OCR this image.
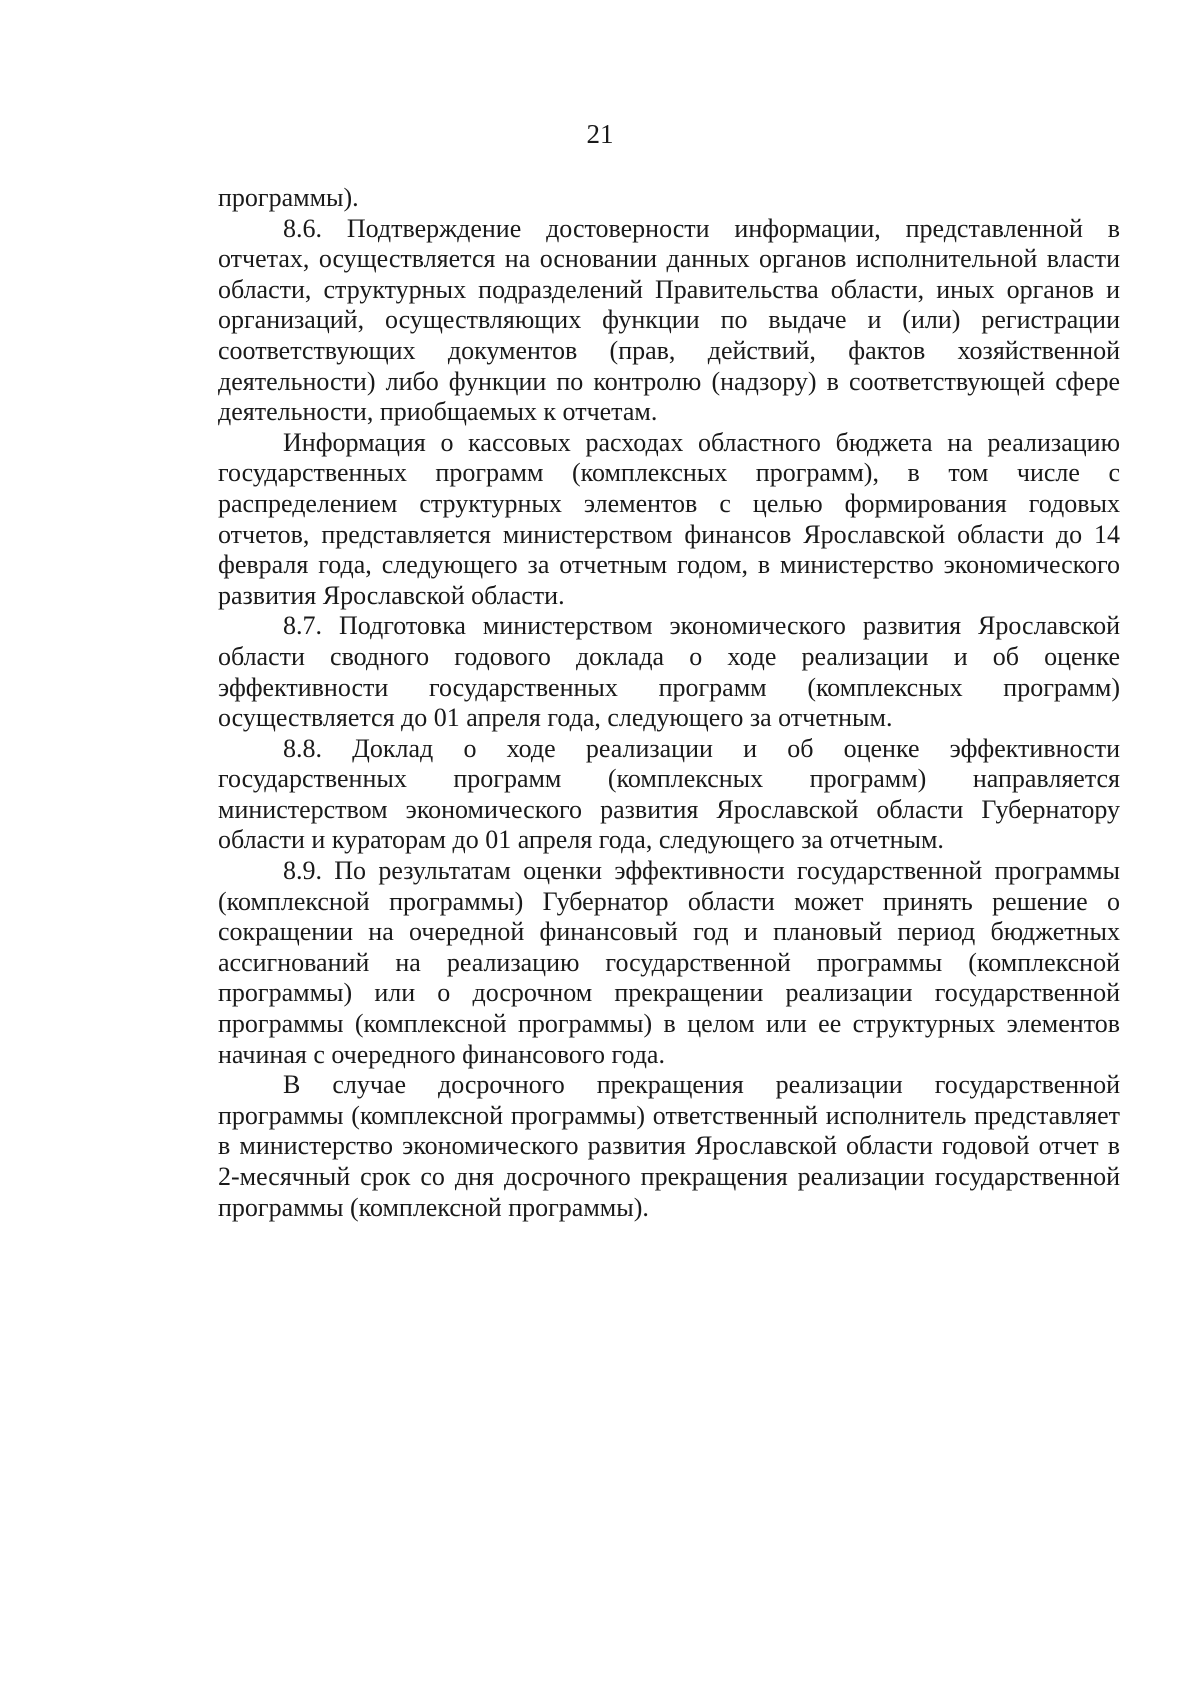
21

программы).

8.6. Подтверждение достоверности информации, представленной в отчетах, осуществляется на основании данных органов исполнительной власти области, структурных подразделений Правительства области, иных органов и организаций, осуществляющих функции по выдаче и (или) регистрации соответствующих документов (прав, действий, фактов хозяйственной деятельности) либо функции по контролю (надзору) в соответствующей сфере деятельности, приобщаемых к отчетам.

Информация о кассовых расходах областного бюджета на реализацию государственных программ (комплексных программ), в том числе с распределением структурных элементов с целью формирования годовых отчетов, представляется министерством финансов Ярославской области до 14 февраля года, следующего за отчетным годом, в министерство экономического развития Ярославской области.

8.7. Подготовка министерством экономического развития Ярославской области сводного годового доклада о ходе реализации и об оценке эффективности государственных программ (комплексных программ) осуществляется до 01 апреля года, следующего за отчетным.

8.8. Доклад о ходе реализации и об оценке эффективности государственных программ (комплексных программ) направляется министерством экономического развития Ярославской области Губернатору области и кураторам до 01 апреля года, следующего за отчетным.

8.9. По результатам оценки эффективности государственной программы (комплексной программы) Губернатор области может принять решение о сокращении на очередной финансовый год и плановый период бюджетных ассигнований на реализацию государственной программы (комплексной программы) или о досрочном прекращении реализации государственной программы (комплексной программы) в целом или ее структурных элементов начиная с очередного финансового года.

В случае досрочного прекращения реализации государственной программы (комплексной программы) ответственный исполнитель представляет в министерство экономического развития Ярославской области годовой отчет в 2-месячный срок со дня досрочного прекращения реализации государственной программы (комплексной программы).
